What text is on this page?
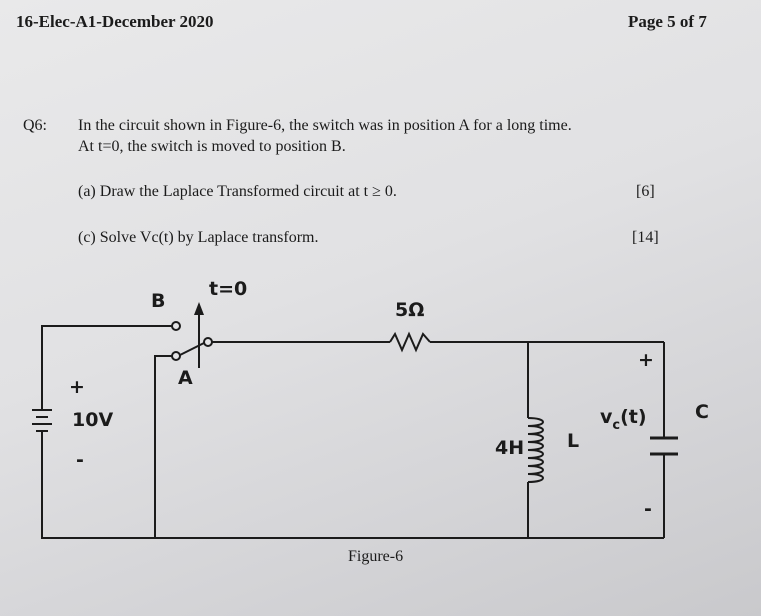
16-Elec-A1-December 2020	Page 5 of 7
Q6: In the circuit shown in Figure-6, the switch was in position A for a long time.
At t=0, the switch is moved to position B.
(a) Draw the Laplace Transformed circuit at t ≥ 0.	[6]
(c) Solve Vc(t) by Laplace transform.	[14]
B
A
t=0
5Ω
+
10V
-
4H L
+
$v_c(t)$	C
-
Figure-6
